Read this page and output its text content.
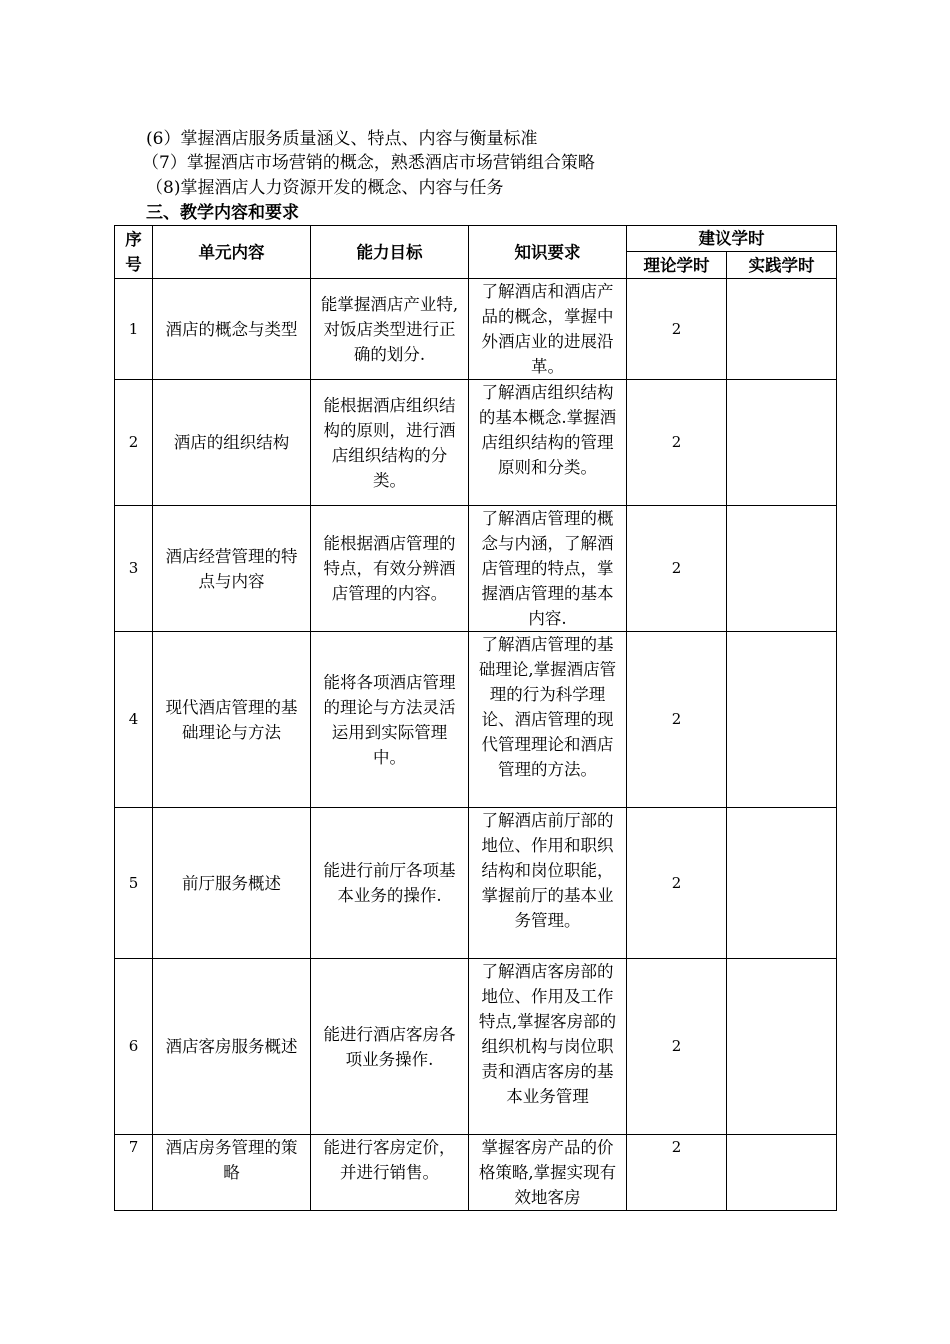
(6）掌握酒店服务质量涵义、特点、内容与衡量标准
（7）掌握酒店市场营销的概念，熟悉酒店市场营销组合策略
（8)掌握酒店人力资源开发的概念、内容与任务
三、教学内容和要求
序号	单元内容	能力目标	知识要求	建议学时	
				理论学时	实践学时
1	酒店的概念与类型	能掌握酒店产业特,对饭店类型进行正确的划分.	了解酒店和酒店产品的概念，掌握中外酒店业的进展沿革。	2	
2	酒店的组织结构	能根据酒店组织结构的原则，进行酒店组织结构的分类。	了解酒店组织结构的基本概念.掌握酒店组织结构的管理原则和分类。	2	
3	酒店经营管理的特点与内容	能根据酒店管理的特点，有效分辨酒店管理的内容。	了解酒店管理的概念与内涵，了解酒店管理的特点，掌握酒店管理的基本内容.	2	
4	现代酒店管理的基础理论与方法	能将各项酒店管理的理论与方法灵活运用到实际管理中。	了解酒店管理的基础理论,掌握酒店管理的行为科学理论、酒店管理的现代管理理论和酒店管理的方法。	2	
5	前厅服务概述	能进行前厅各项基本业务的操作.	了解酒店前厅部的地位、作用和职织结构和岗位职能，掌握前厅的基本业务管理。	2	
6	酒店客房服务概述	能进行酒店客房各项业务操作.	了解酒店客房部的地位、作用及工作特点,掌握客房部的组织机构与岗位职责和酒店客房的基本业务管理	2	
7	酒店房务管理的策略	能进行客房定价，并进行销售。	掌握客房产品的价格策略,掌握实现有效地客房	2	
